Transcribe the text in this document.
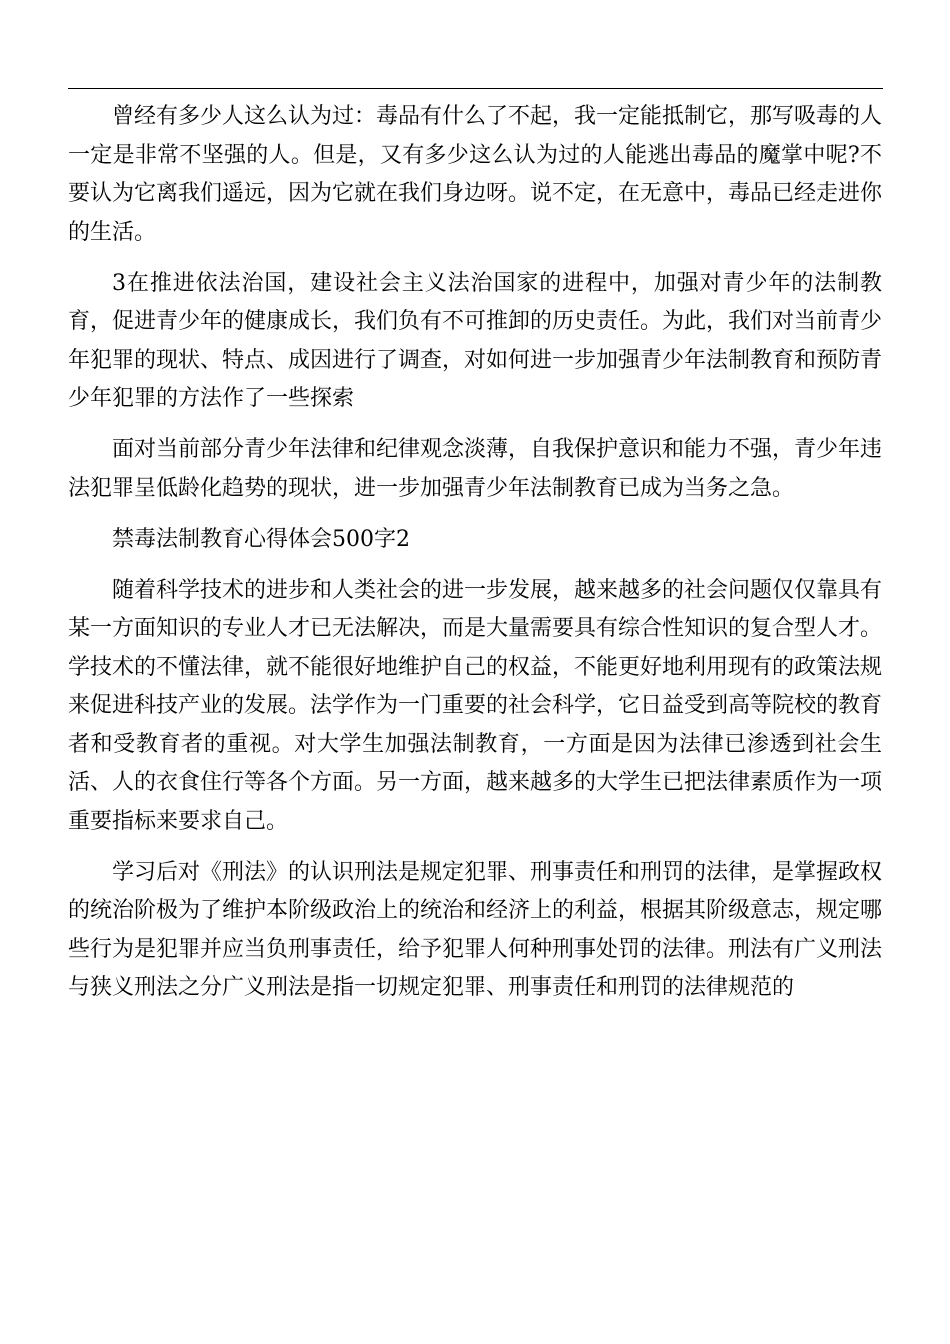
曾经有多少人这么认为过：毒品有什么了不起，我一定能抵制它，那写吸毒的人一定是非常不坚强的人。但是，又有多少这么认为过的人能逃出毒品的魔掌中呢?不要认为它离我们遥远，因为它就在我们身边呀。说不定，在无意中，毒品已经走进你的生活。

3在推进依法治国，建设社会主义法治国家的进程中，加强对青少年的法制教育，促进青少年的健康成长，我们负有不可推卸的历史责任。为此，我们对当前青少年犯罪的现状、特点、成因进行了调查，对如何进一步加强青少年法制教育和预防青少年犯罪的方法作了一些探索

面对当前部分青少年法律和纪律观念淡薄，自我保护意识和能力不强，青少年违法犯罪呈低龄化趋势的现状，进一步加强青少年法制教育已成为当务之急。

禁毒法制教育心得体会500字2

随着科学技术的进步和人类社会的进一步发展，越来越多的社会问题仅仅靠具有某一方面知识的专业人才已无法解决，而是大量需要具有综合性知识的复合型人才。学技术的不懂法律，就不能很好地维护自己的权益，不能更好地利用现有的政策法规来促进科技产业的发展。法学作为一门重要的社会科学，它日益受到高等院校的教育者和受教育者的重视。对大学生加强法制教育，一方面是因为法律已渗透到社会生活、人的衣食住行等各个方面。另一方面，越来越多的大学生已把法律素质作为一项重要指标来要求自己。

学习后对《刑法》的认识刑法是规定犯罪、刑事责任和刑罚的法律，是掌握政权的统治阶极为了维护本阶级政治上的统治和经济上的利益，根据其阶级意志，规定哪些行为是犯罪并应当负刑事责任，给予犯罪人何种刑事处罚的法律。刑法有广义刑法与狭义刑法之分广义刑法是指一切规定犯罪、刑事责任和刑罚的法律规范的
